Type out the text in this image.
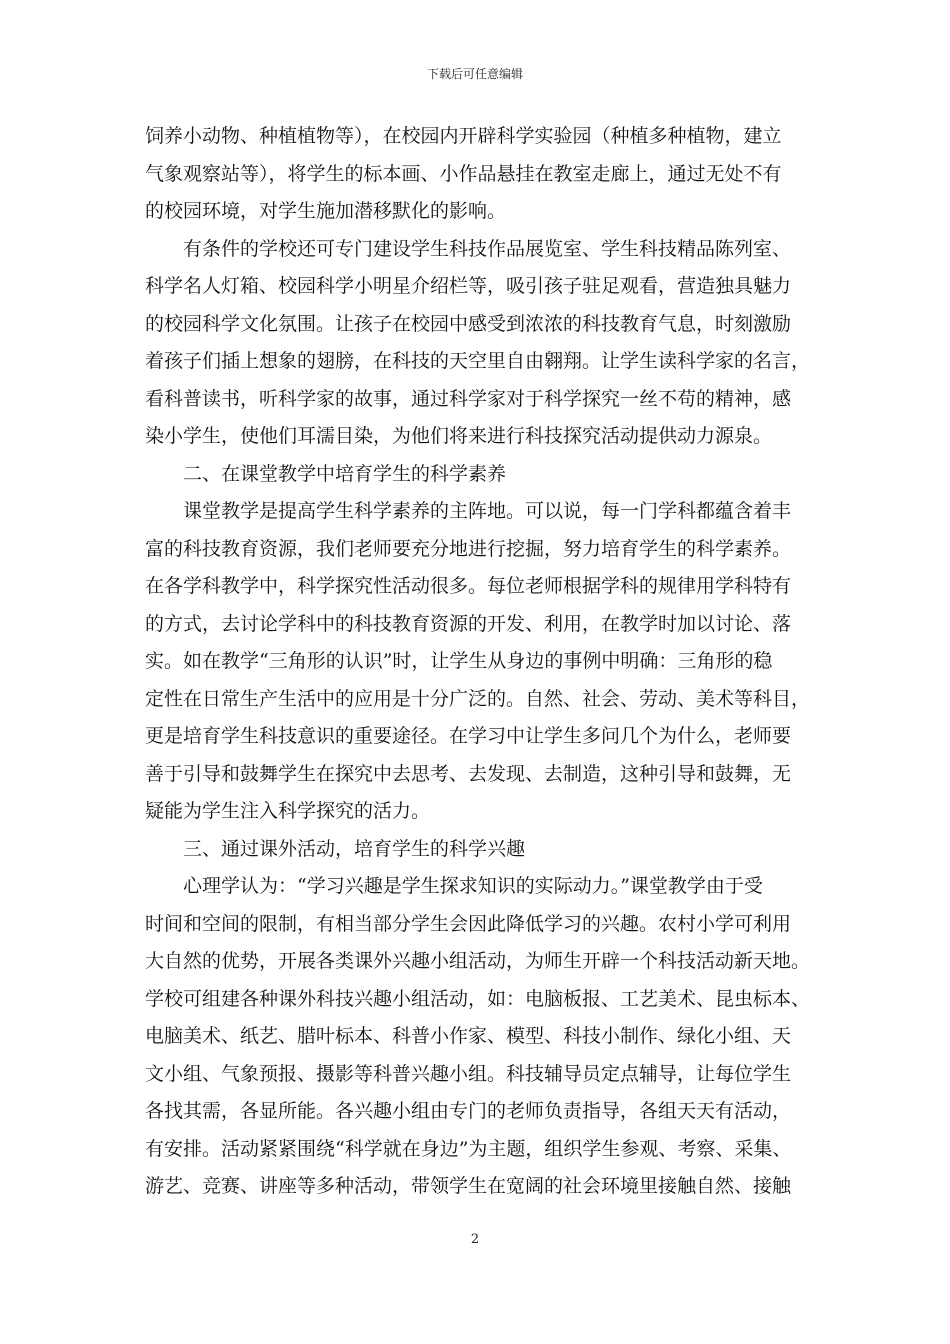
下载后可任意编辑
饲养小动物、种植植物等），在校园内开辟科学实验园（种植多种植物，建立
气象观察站等），将学生的标本画、小作品悬挂在教室走廊上，通过无处不有
的校园环境，对学生施加潜移默化的影响。
有条件的学校还可专门建设学生科技作品展览室、学生科技精品陈列室、
科学名人灯箱、校园科学小明星介绍栏等，吸引孩子驻足观看，营造独具魅力
的校园科学文化氛围。让孩子在校园中感受到浓浓的科技教育气息，时刻激励
着孩子们插上想象的翅膀，在科技的天空里自由翱翔。让学生读科学家的名言，
看科普读书，听科学家的故事，通过科学家对于科学探究一丝不苟的精神，感
染小学生，使他们耳濡目染，为他们将来进行科技探究活动提供动力源泉。
二、在课堂教学中培育学生的科学素养
课堂教学是提高学生科学素养的主阵地。可以说，每一门学科都蕴含着丰
富的科技教育资源，我们老师要充分地进行挖掘，努力培育学生的科学素养。
在各学科教学中，科学探究性活动很多。每位老师根据学科的规律用学科特有
的方式，去讨论学科中的科技教育资源的开发、利用，在教学时加以讨论、落
实。如在教学“三角形的认识”时，让学生从身边的事例中明确：三角形的稳
定性在日常生产生活中的应用是十分广泛的。自然、社会、劳动、美术等科目，
更是培育学生科技意识的重要途径。在学习中让学生多问几个为什么，老师要
善于引导和鼓舞学生在探究中去思考、去发现、去制造，这种引导和鼓舞，无
疑能为学生注入科学探究的活力。
三、通过课外活动，培育学生的科学兴趣
心理学认为：“学习兴趣是学生探求知识的实际动力。”课堂教学由于受
时间和空间的限制，有相当部分学生会因此降低学习的兴趣。农村小学可利用
大自然的优势，开展各类课外兴趣小组活动，为师生开辟一个科技活动新天地。
学校可组建各种课外科技兴趣小组活动，如：电脑板报、工艺美术、昆虫标本、
电脑美术、纸艺、腊叶标本、科普小作家、模型、科技小制作、绿化小组、天
文小组、气象预报、摄影等科普兴趣小组。科技辅导员定点辅导，让每位学生
各找其需，各显所能。各兴趣小组由专门的老师负责指导，各组天天有活动，
有安排。活动紧紧围绕“科学就在身边”为主题，组织学生参观、考察、采集、
游艺、竞赛、讲座等多种活动，带领学生在宽阔的社会环境里接触自然、接触
2
